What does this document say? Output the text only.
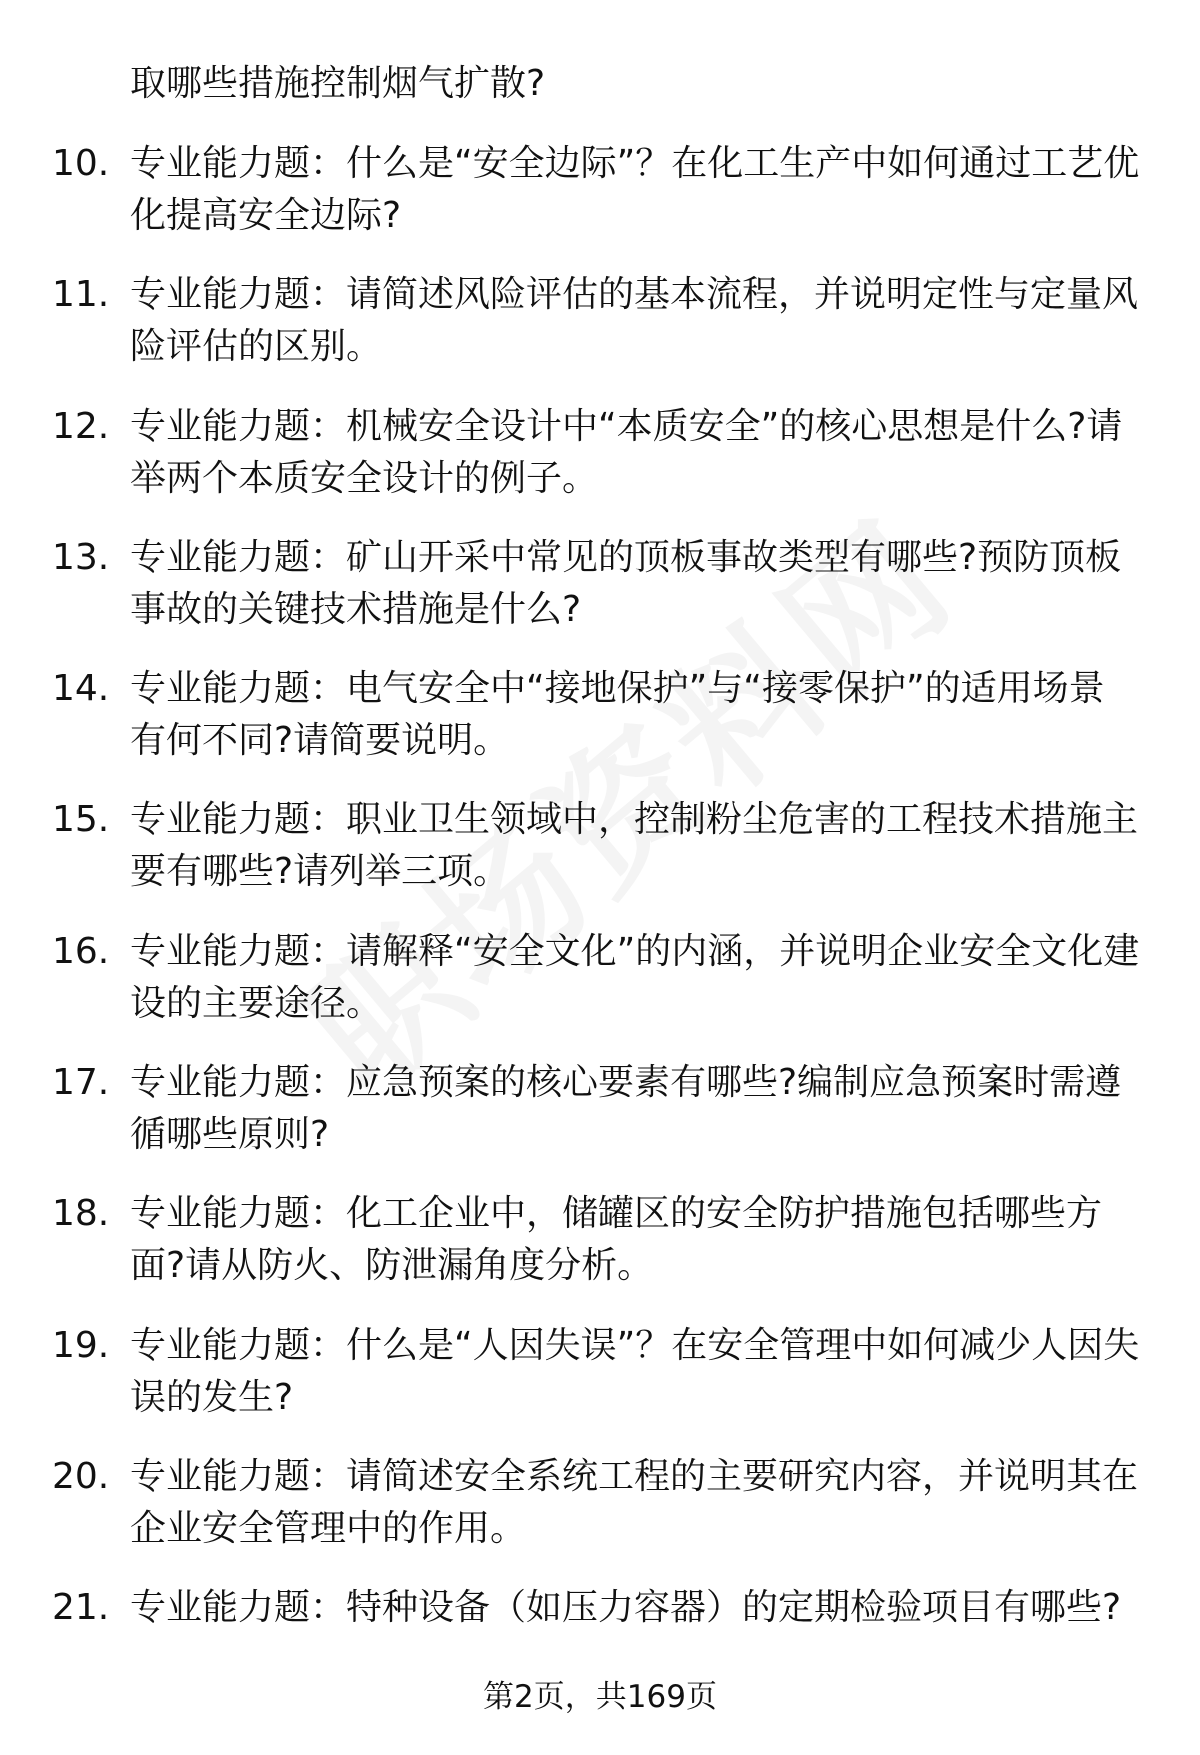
取哪些措施控制烟气扩散?
10. 专业能力题：什么是“安全边际”？在化工生产中如何通过工艺优化提高安全边际?
11. 专业能力题：请简述风险评估的基本流程，并说明定性与定量风险评估的区别。
12. 专业能力题：机械安全设计中“本质安全”的核心思想是什么?请举两个本质安全设计的例子。
13. 专业能力题：矿山开采中常见的顶板事故类型有哪些?预防顶板事故的关键技术措施是什么?
14. 专业能力题：电气安全中“接地保护”与“接零保护”的适用场景有何不同?请简要说明。
15. 专业能力题：职业卫生领域中，控制粉尘危害的工程技术措施主要有哪些?请列举三项。
16. 专业能力题：请解释“安全文化”的内涵，并说明企业安全文化建设的主要途径。
17. 专业能力题：应急预案的核心要素有哪些?编制应急预案时需遵循哪些原则?
18. 专业能力题：化工企业中，储罐区的安全防护措施包括哪些方面?请从防火、防泄漏角度分析。
19. 专业能力题：什么是“人因失误”？在安全管理中如何减少人因失误的发生?
20. 专业能力题：请简述安全系统工程的主要研究内容，并说明其在企业安全管理中的作用。
21. 专业能力题：特种设备（如压力容器）的定期检验项目有哪些?
第2页，共169页
